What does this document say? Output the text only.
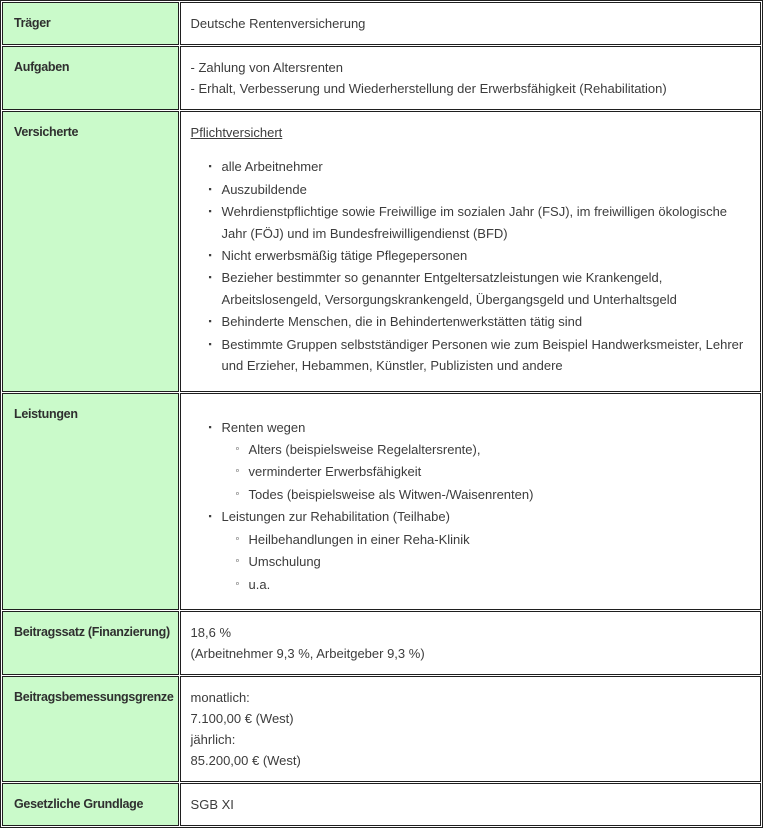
Träger	Deutsche Rentenversicherung

Aufgaben	- Zahlung von Altersrenten

- Erhalt, Verbesserung und Wiederherstellung der Erwerbsfähigkeit (Rehabilitation)

Versicherte	Pflichtversichert

▪ alle Arbeitnehmer
▪ Auszubildende
▪ Wehrdienstpflichtige sowie Freiwillige im sozialen Jahr (FSJ), im freiwilligen ökologische Jahr (FÖJ) und im Bundesfreiwilligendienst (BFD)
▪ Nicht erwerbsmäßig tätige Pflegepersonen
▪ Bezieher bestimmter so genannter Entgeltersatzleistungen wie Krankengeld, Arbeitslosengeld, Versorgungskrankengeld, Übergangsgeld und Unterhaltsgeld
▪ Behinderte Menschen, die in Behindertenwerkstätten tätig sind
▪ Bestimmte Gruppen selbstständiger Personen wie zum Beispiel Handwerksmeister, Lehrer und Erzieher, Hebammen, Künstler, Publizisten und andere

Leistungen	
▪ Renten wegen
◦ Alters (beispielsweise Regelaltersrente),
◦ verminderter Erwerbsfähigkeit
◦ Todes (beispielsweise als Witwen-/Waisenrenten)
▪ Leistungen zur Rehabilitation (Teilhabe)
◦ Heilbehandlungen in einer Reha-Klinik
◦ Umschulung
◦ u.a.

Beitragssatz (Finanzierung)	18,6 %

(Arbeitnehmer 9,3 %, Arbeitgeber 9,3 %)

Beitragsbemessungsgrenze	monatlich:

7.100,00 € (West)

jährlich:

85.200,00 € (West)

Gesetzliche Grundlage	SGB XI
